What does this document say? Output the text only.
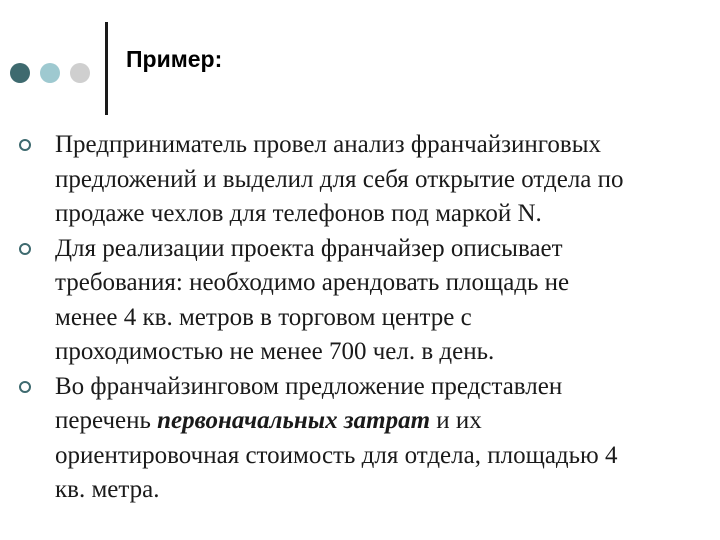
Пример:
Предприниматель провел анализ франчайзинговых
предложений и выделил для себя открытие отдела по
продаже чехлов для телефонов под маркой N.
Для реализации проекта франчайзер описывает
требования: необходимо арендовать площадь не
менее 4 кв. метров в торговом центре с
проходимостью не менее 700 чел. в день.
Во франчайзинговом предложение представлен
перечень первоначальных затрат и их
ориентировочная стоимость для отдела, площадью 4
кв. метра.
